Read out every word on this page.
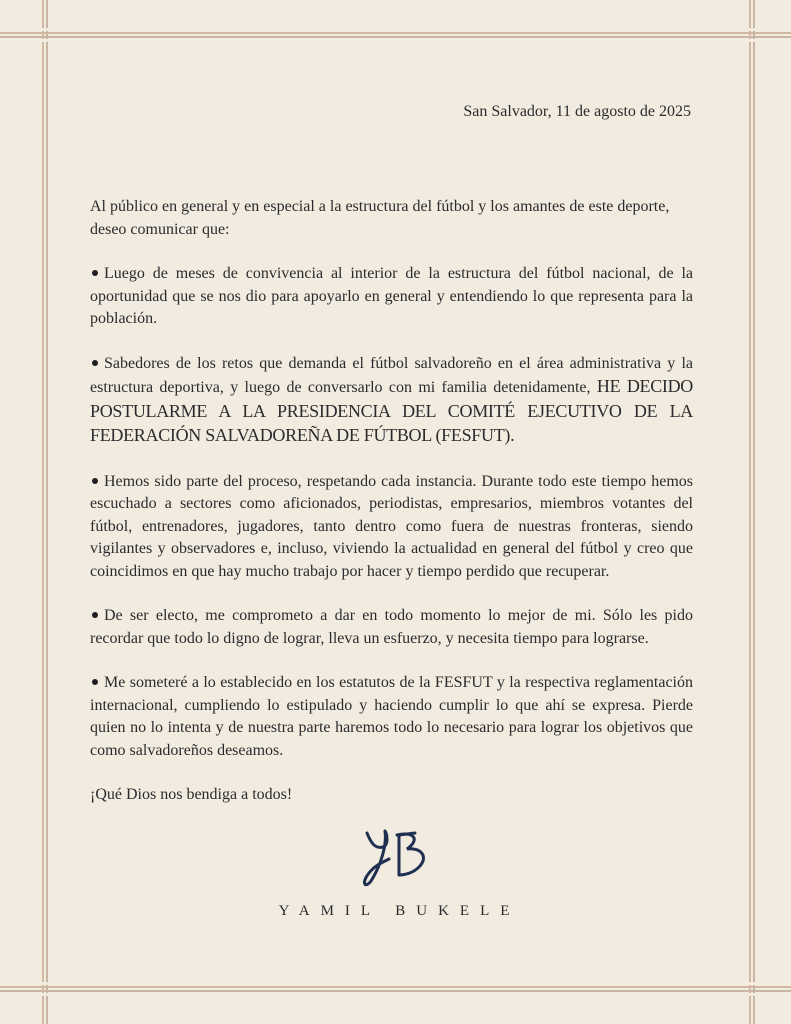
San Salvador, 11 de agosto de 2025

Al público en general y en especial a la estructura del fútbol y los amantes de este deporte, deseo comunicar que:

Luego de meses de convivencia al interior de la estructura del fútbol nacional, de la oportunidad que se nos dio para apoyarlo en general y entendiendo lo que representa para la población.

Sabedores de los retos que demanda el fútbol salvadoreño en el área administrativa y la estructura deportiva, y luego de conversarlo con mi familia detenidamente, HE DECIDO POSTULARME A LA PRESIDENCIA DEL COMITÉ EJECUTIVO DE LA FEDERACIÓN SALVADOREÑA DE FÚTBOL (FESFUT).

Hemos sido parte del proceso, respetando cada instancia. Durante todo este tiempo hemos escuchado a sectores como aficionados, periodistas, empresarios, miembros votantes del fútbol, entrenadores, jugadores, tanto dentro como fuera de nuestras fronteras, siendo vigilantes y observadores e, incluso, viviendo la actualidad en general del fútbol y creo que coincidimos en que hay mucho trabajo por hacer y tiempo perdido que recuperar.

De ser electo, me comprometo a dar en todo momento lo mejor de mi. Sólo les pido recordar que todo lo digno de lograr, lleva un esfuerzo, y necesita tiempo para lograrse.

Me someteré a lo establecido en los estatutos de la FESFUT y la respectiva reglamentación internacional, cumpliendo lo estipulado y haciendo cumplir lo que ahí se expresa. Pierde quien no lo intenta y de nuestra parte haremos todo lo necesario para lograr los objetivos que como salvadoreños deseamos.

¡Qué Dios nos bendiga a todos!

YAMIL BUKELE
